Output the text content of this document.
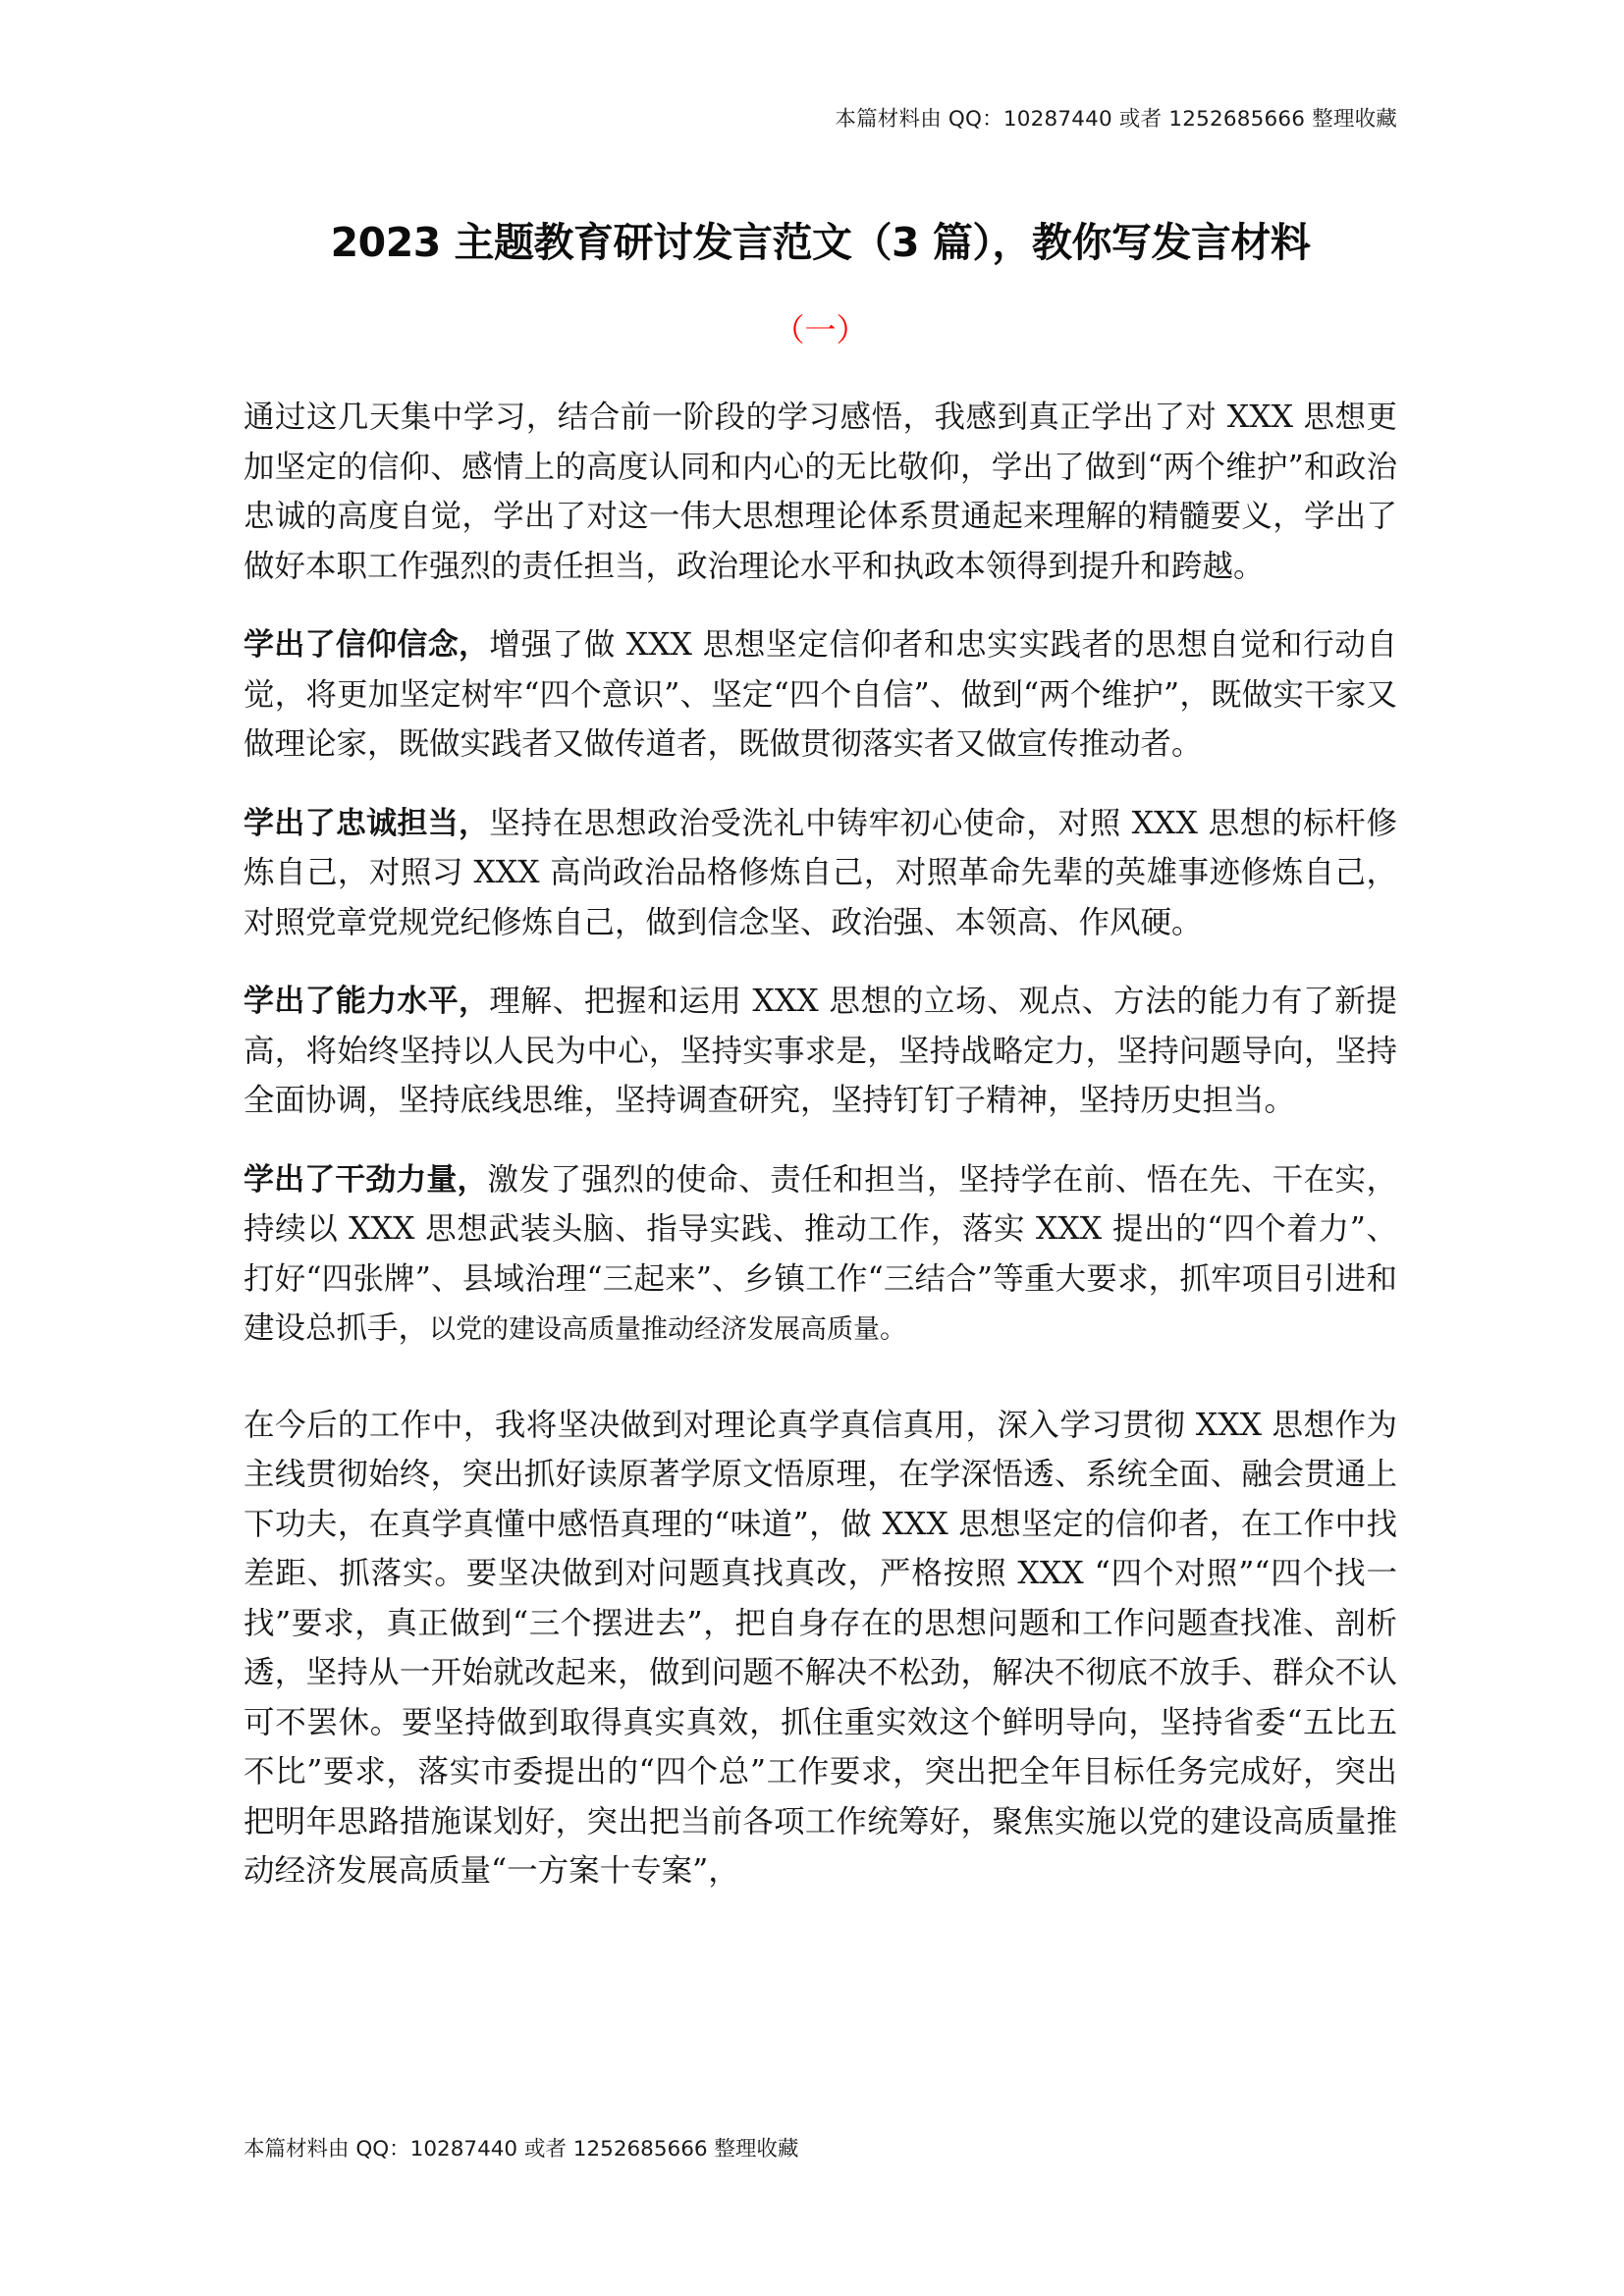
本篇材料由 QQ：10287440 或者 1252685666 整理收藏
2023 主题教育研讨发言范文（3 篇），教你写发言材料
（一）

通过这几天集中学习，结合前一阶段的学习感悟，我感到真正学出了对 XXX 思想更加坚定的信仰、感情上的高度认同和内心的无比敬仰，学出了做到“两个维护”和政治忠诚的高度自觉，学出了对这一伟大思想理论体系贯通起来理解的精髓要义，学出了做好本职工作强烈的责任担当，政治理论水平和执政本领得到提升和跨越。

学出了信仰信念，增强了做 XXX 思想坚定信仰者和忠实实践者的思想自觉和行动自觉，将更加坚定树牢“四个意识”、坚定“四个自信”、做到“两个维护”，既做实干家又做理论家，既做实践者又做传道者，既做贯彻落实者又做宣传推动者。

学出了忠诚担当，坚持在思想政治受洗礼中铸牢初心使命，对照 XXX 思想的标杆修炼自己，对照习 XXX 高尚政治品格修炼自己，对照革命先辈的英雄事迹修炼自己，对照党章党规党纪修炼自己，做到信念坚、政治强、本领高、作风硬。

学出了能力水平，理解、把握和运用 XXX 思想的立场、观点、方法的能力有了新提高，将始终坚持以人民为中心，坚持实事求是，坚持战略定力，坚持问题导向，坚持全面协调，坚持底线思维，坚持调查研究，坚持钉钉子精神，坚持历史担当。

学出了干劲力量，激发了强烈的使命、责任和担当，坚持学在前、悟在先、干在实，持续以 XXX 思想武装头脑、指导实践、推动工作，落实 XXX 提出的“四个着力”、打好“四张牌”、县域治理“三起来”、乡镇工作“三结合”等重大要求，抓牢项目引进和建设总抓手，以党的建设高质量推动经济发展高质量。

在今后的工作中，我将坚决做到对理论真学真信真用，深入学习贯彻 XXX 思想作为主线贯彻始终，突出抓好读原著学原文悟原理，在学深悟透、系统全面、融会贯通上下功夫，在真学真懂中感悟真理的“味道”，做 XXX 思想坚定的信仰者，在工作中找差距、抓落实。要坚决做到对问题真找真改，严格按照 XXX “四个对照”“四个找一找”要求，真正做到“三个摆进去”，把自身存在的思想问题和工作问题查找准、剖析透，坚持从一开始就改起来，做到问题不解决不松劲，解决不彻底不放手、群众不认可不罢休。要坚持做到取得真实真效，抓住重实效这个鲜明导向，坚持省委“五比五不比”要求，落实市委提出的“四个总”工作要求，突出把全年目标任务完成好，突出把明年思路措施谋划好，突出把当前各项工作统筹好，聚焦实施以党的建设高质量推动经济发展高质量“一方案十专案”，

本篇材料由 QQ：10287440 或者 1252685666 整理收藏
